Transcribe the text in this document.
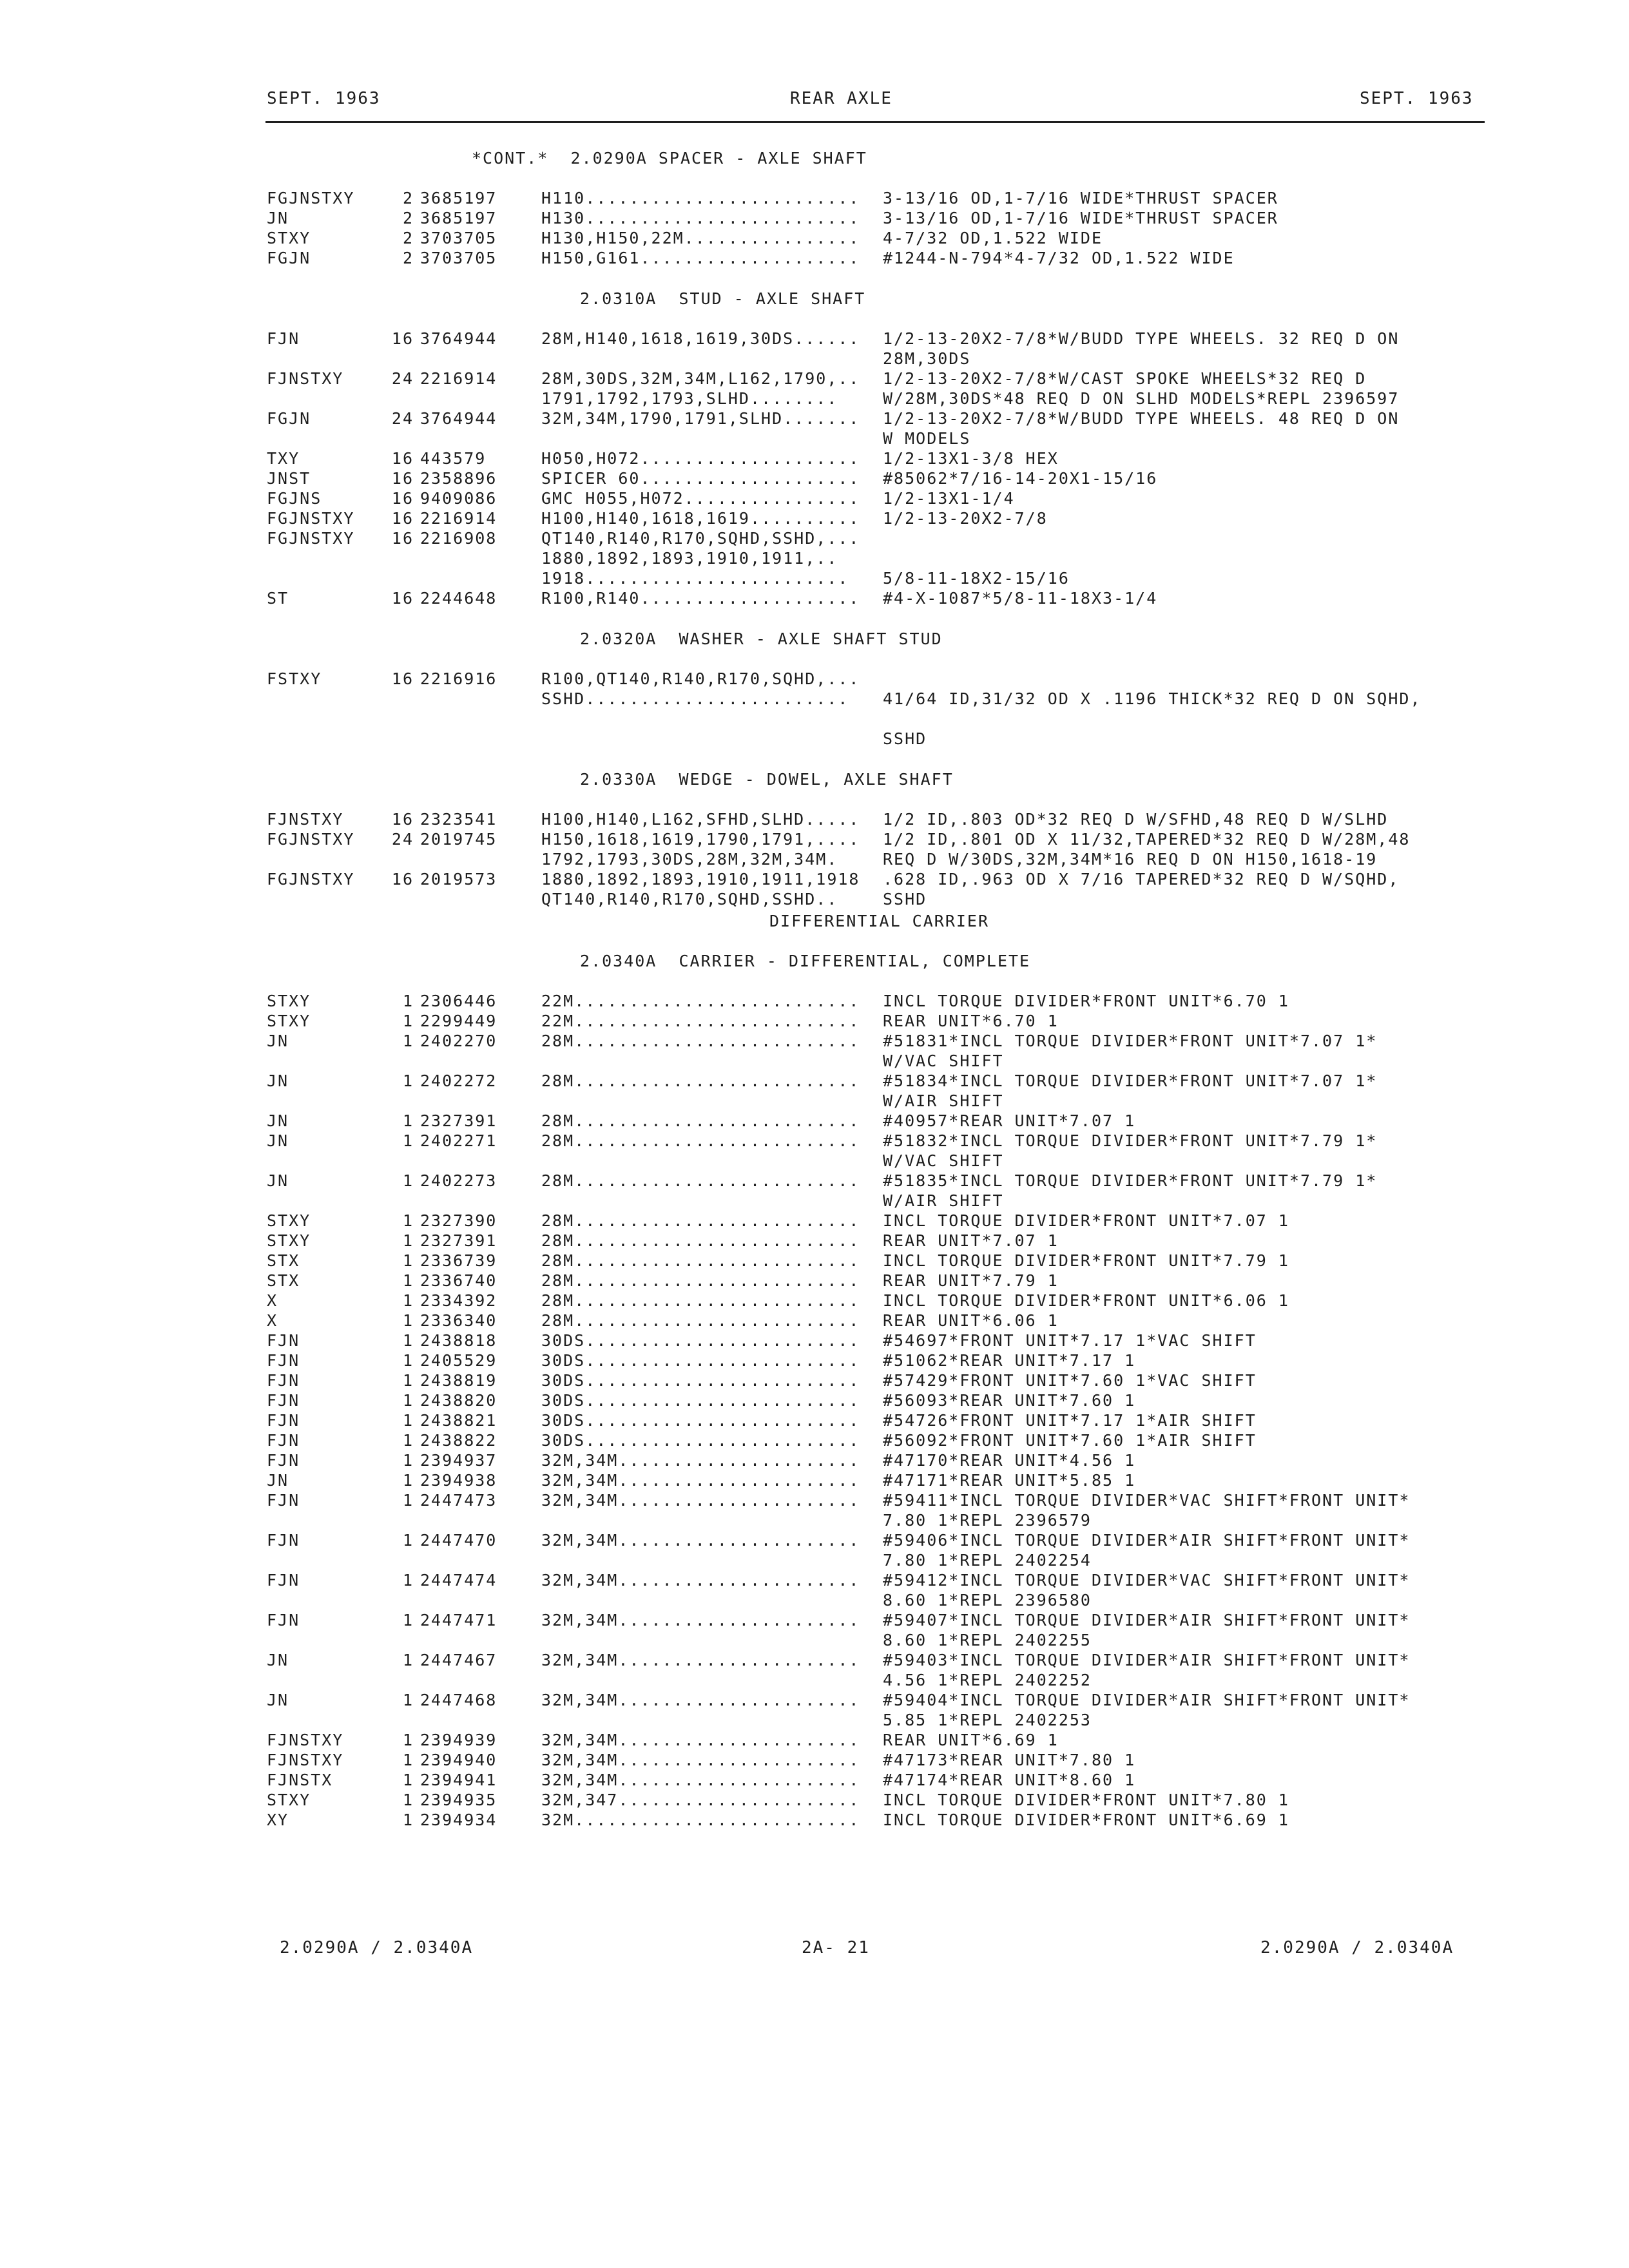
SEPT. 1963	REAR AXLE	SEPT. 1963
*CONT.*  2.0290A SPACER - AXLE SHAFT
FGJNSTXY	2 3685197	H110......................... 3-13/16 OD,1-7/16 WIDE*THRUST SPACER
JN	2 3685197	H130......................... 3-13/16 OD,1-7/16 WIDE*THRUST SPACER
STXY	2 3703705	H130,H150,22M................ 4-7/32 OD,1.522 WIDE
FGJN	2 3703705	H150,G161.................... #1244-N-794*4-7/32 OD,1.522 WIDE
2.0310A  STUD - AXLE SHAFT
FJN	16 3764944	28M,H140,1618,1619,30DS...... 1/2-13-20X2-7/8*W/BUDD TYPE WHEELS. 32 REQ D ON
28M,30DS
FJNSTXY	24 2216914	28M,30DS,32M,34M,L162,1790,.. 1/2-13-20X2-7/8*W/CAST SPOKE WHEELS*32 REQ D
1791,1792,1793,SLHD........	W/28M,30DS*48 REQ D ON SLHD MODELS*REPL 2396597
FGJN	24 3764944	32M,34M,1790,1791,SLHD....... 1/2-13-20X2-7/8*W/BUDD TYPE WHEELS. 48 REQ D ON
W MODELS
TXY	16 443579	H050,H072.................... 1/2-13X1-3/8 HEX
JNST	16 2358896	SPICER 60.................... #85062*7/16-14-20X1-15/16
FGJNS	16 9409086	GMC H055,H072................ 1/2-13X1-1/4
FGJNSTXY	16 2216914	H100,H140,1618,1619.......... 1/2-13-20X2-7/8
FGJNSTXY	16 2216908	QT140,R140,R170,SQHD,SSHD,...
1880,1892,1893,1910,1911,..
1918........................ 5/8-11-18X2-15/16
ST	16 2244648	R100,R140.................... #4-X-1087*5/8-11-18X3-1/4
2.0320A  WASHER - AXLE SHAFT STUD
FSTXY	16 2216916	R100,QT140,R140,R170,SQHD,...
SSHD........................ 41/64 ID,31/32 OD X .1196 THICK*32 REQ D ON SQHD,
SSHD
2.0330A  WEDGE - DOWEL, AXLE SHAFT
FJNSTXY	16 2323541	H100,H140,L162,SFHD,SLHD..... 1/2 ID,.803 OD*32 REQ D W/SFHD,48 REQ D W/SLHD
FGJNSTXY	24 2019745	H150,1618,1619,1790,1791,.... 1/2 ID,.801 OD X 11/32,TAPERED*32 REQ D W/28M,48
1792,1793,30DS,28M,32M,34M.	REQ D W/30DS,32M,34M*16 REQ D ON H150,1618-19
FGJNSTXY	16 2019573	1880,1892,1893,1910,1911,1918 .628 ID,.963 OD X 7/16 TAPERED*32 REQ D W/SQHD,
QT140,R140,R170,SQHD,SSHD..	SSHD
DIFFERENTIAL CARRIER
2.0340A  CARRIER - DIFFERENTIAL, COMPLETE
STXY	1 2306446	22M.......................... INCL TORQUE DIVIDER*FRONT UNIT*6.70 1
STXY	1 2299449	22M.......................... REAR UNIT*6.70 1
JN	1 2402270	28M.......................... #51831*INCL TORQUE DIVIDER*FRONT UNIT*7.07 1*
W/VAC SHIFT
JN	1 2402272	28M.......................... #51834*INCL TORQUE DIVIDER*FRONT UNIT*7.07 1*
W/AIR SHIFT
JN	1 2327391	28M.......................... #40957*REAR UNIT*7.07 1
JN	1 2402271	28M.......................... #51832*INCL TORQUE DIVIDER*FRONT UNIT*7.79 1*
W/VAC SHIFT
JN	1 2402273	28M.......................... #51835*INCL TORQUE DIVIDER*FRONT UNIT*7.79 1*
W/AIR SHIFT
STXY	1 2327390	28M.......................... INCL TORQUE DIVIDER*FRONT UNIT*7.07 1
STXY	1 2327391	28M.......................... REAR UNIT*7.07 1
STX	1 2336739	28M.......................... INCL TORQUE DIVIDER*FRONT UNIT*7.79 1
STX	1 2336740	28M.......................... REAR UNIT*7.79 1
X	1 2334392	28M.......................... INCL TORQUE DIVIDER*FRONT UNIT*6.06 1
X	1 2336340	28M.......................... REAR UNIT*6.06 1
FJN	1 2438818	30DS......................... #54697*FRONT UNIT*7.17 1*VAC SHIFT
FJN	1 2405529	30DS......................... #51062*REAR UNIT*7.17 1
FJN	1 2438819	30DS......................... #57429*FRONT UNIT*7.60 1*VAC SHIFT
FJN	1 2438820	30DS......................... #56093*REAR UNIT*7.60 1
FJN	1 2438821	30DS......................... #54726*FRONT UNIT*7.17 1*AIR SHIFT
FJN	1 2438822	30DS......................... #56092*FRONT UNIT*7.60 1*AIR SHIFT
FJN	1 2394937	32M,34M...................... #47170*REAR UNIT*4.56 1
JN	1 2394938	32M,34M...................... #47171*REAR UNIT*5.85 1
FJN	1 2447473	32M,34M...................... #59411*INCL TORQUE DIVIDER*VAC SHIFT*FRONT UNIT*
7.80 1*REPL 2396579
FJN	1 2447470	32M,34M...................... #59406*INCL TORQUE DIVIDER*AIR SHIFT*FRONT UNIT*
7.80 1*REPL 2402254
FJN	1 2447474	32M,34M...................... #59412*INCL TORQUE DIVIDER*VAC SHIFT*FRONT UNIT*
8.60 1*REPL 2396580
FJN	1 2447471	32M,34M...................... #59407*INCL TORQUE DIVIDER*AIR SHIFT*FRONT UNIT*
8.60 1*REPL 2402255
JN	1 2447467	32M,34M...................... #59403*INCL TORQUE DIVIDER*AIR SHIFT*FRONT UNIT*
4.56 1*REPL 2402252
JN	1 2447468	32M,34M...................... #59404*INCL TORQUE DIVIDER*AIR SHIFT*FRONT UNIT*
5.85 1*REPL 2402253
FJNSTXY	1 2394939	32M,34M...................... REAR UNIT*6.69 1
FJNSTXY	1 2394940	32M,34M...................... #47173*REAR UNIT*7.80 1
FJNSTX	1 2394941	32M,34M...................... #47174*REAR UNIT*8.60 1
STXY	1 2394935	32M,347...................... INCL TORQUE DIVIDER*FRONT UNIT*7.80 1
XY	1 2394934	32M.......................... INCL TORQUE DIVIDER*FRONT UNIT*6.69 1
2.0290A / 2.0340A	2A- 21	2.0290A / 2.0340A
